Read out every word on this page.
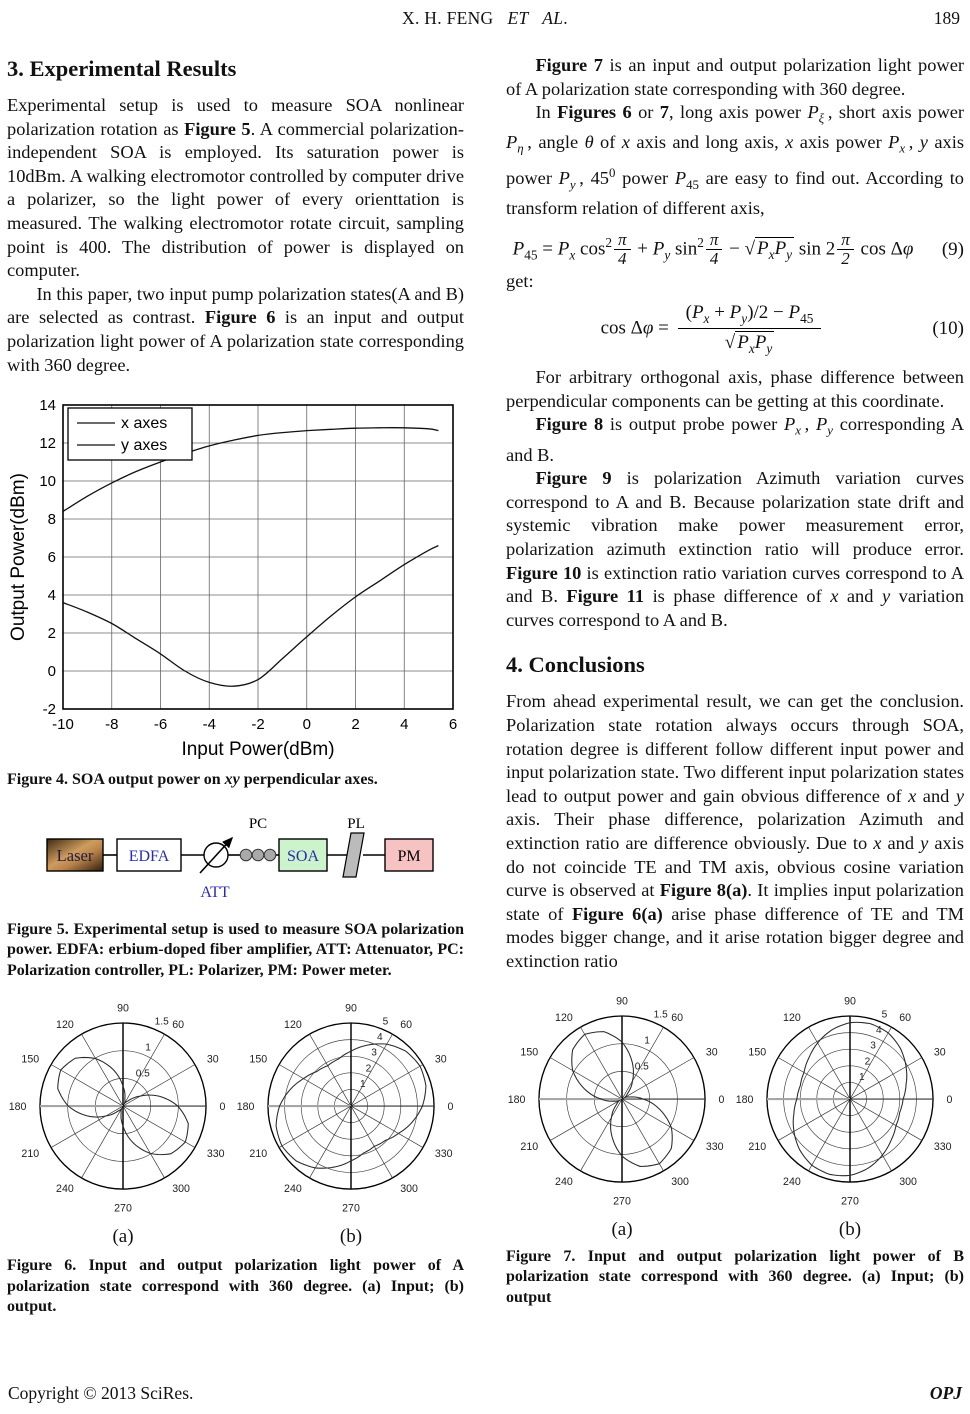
X. H. FENG   ET   AL.	189
3. Experimental Results

Experimental setup is used to measure SOA nonlinear polarization rotation as Figure 5. A commercial polarization-independent SOA is employed. Its saturation power is 10dBm. A walking electromotor controlled by computer drive a polarizer, so the light power of every orienttation is measured. The walking electromotor rotate circuit, sampling point is 400. The distribution of power is displayed on computer.

In this paper, two input pump polarization states(A and B) are selected as contrast. Figure 6 is an input and output polarization light power of A polarization state corresponding with 360 degree.

-10 -8 -6 -4 -2	0	2	4	6
-2
0
2
4
6
8
10
12
14
Input Power(dBm)
Output Power(dBm)
x axes
y axes
Figure 4. SOA output power on xy perpendicular axes.
Laser EDFA
ATT
PC
SOA
PL
PM
Figure 5. Experimental setup is used to measure SOA polarization power. EDFA: erbium-doped fiber amplifier, ATT: Attenuator, PC: Polarization controller, PL: Polarizer, PM: Power meter.
0
30
60
90
120
150
180
210
240
270
300
330
0.5
1
1.5
(a)
0
30
60
90
120
150
180
210
240
270
300
330
1
2
3
4
5
(b)
Figure 6. Input and output polarization light power of A polarization state correspond with 360 degree. (a) Input; (b) output.

Figure 7 is an input and output polarization light power of A polarization state corresponding with 360 degree.

In Figures 6 or 7, long axis power $P_\xi$ , short axis power $P_\eta$ , angle θ of x axis and long axis, x axis power $P_x$ , y axis power $P_y$ , $45^0$ power $P_{45}$ are easy to find out. According to transform relation of different axis,

$P_{45} = P_x$ $\cos^2 \frac{\pi}{4} + P_y$ $\sin^2 \frac{\pi}{4}$ − √ $P_xP_y$ $\sin 2 \frac{\pi}{2}$ cos Δφ	(9)
get:
cos Δφ =
$(P_x + P_y)/2 - P_{45}$
√ $P_xP_y$
(10)

For arbitrary orthogonal axis, phase difference between perpendicular components can be getting at this coordinate.

Figure 8 is output probe power $P_x$ , $P_y$ corresponding A and B.

Figure 9 is polarization Azimuth variation curves correspond to A and B. Because polarization state drift and systemic vibration make power measurement error, polarization azimuth extinction ratio will produce error. Figure 10 is extinction ratio variation curves correspond to A and B. Figure 11 is phase difference of x and y variation curves correspond to A and B.

4. Conclusions

From ahead experimental result, we can get the conclusion. Polarization state rotation always occurs through SOA, rotation degree is different follow different input power and input polarization state. Two different input polarization states lead to output power and gain obvious difference of x and y axis. Their phase difference, polarization Azimuth and extinction ratio are difference obviously. Due to x and y axis do not coincide TE and TM axis, obvious cosine variation curve is observed at Figure 8(a). It implies input polarization state of Figure 6(a) arise phase difference of TE and TM modes bigger change, and it arise rotation bigger degree and extinction ratio

0
30
60
90
120
150
180
210
240
270
300
330
0.5
1
1.5
(a)
0
30
60
90
120
150
180
210
240
270
300
330
1
2
3
4
5
(b)
Figure 7. Input and output polarization light power of B polarization state correspond with 360 degree. (a) Input; (b) output
Copyright © 2013 SciRes.	OPJ
